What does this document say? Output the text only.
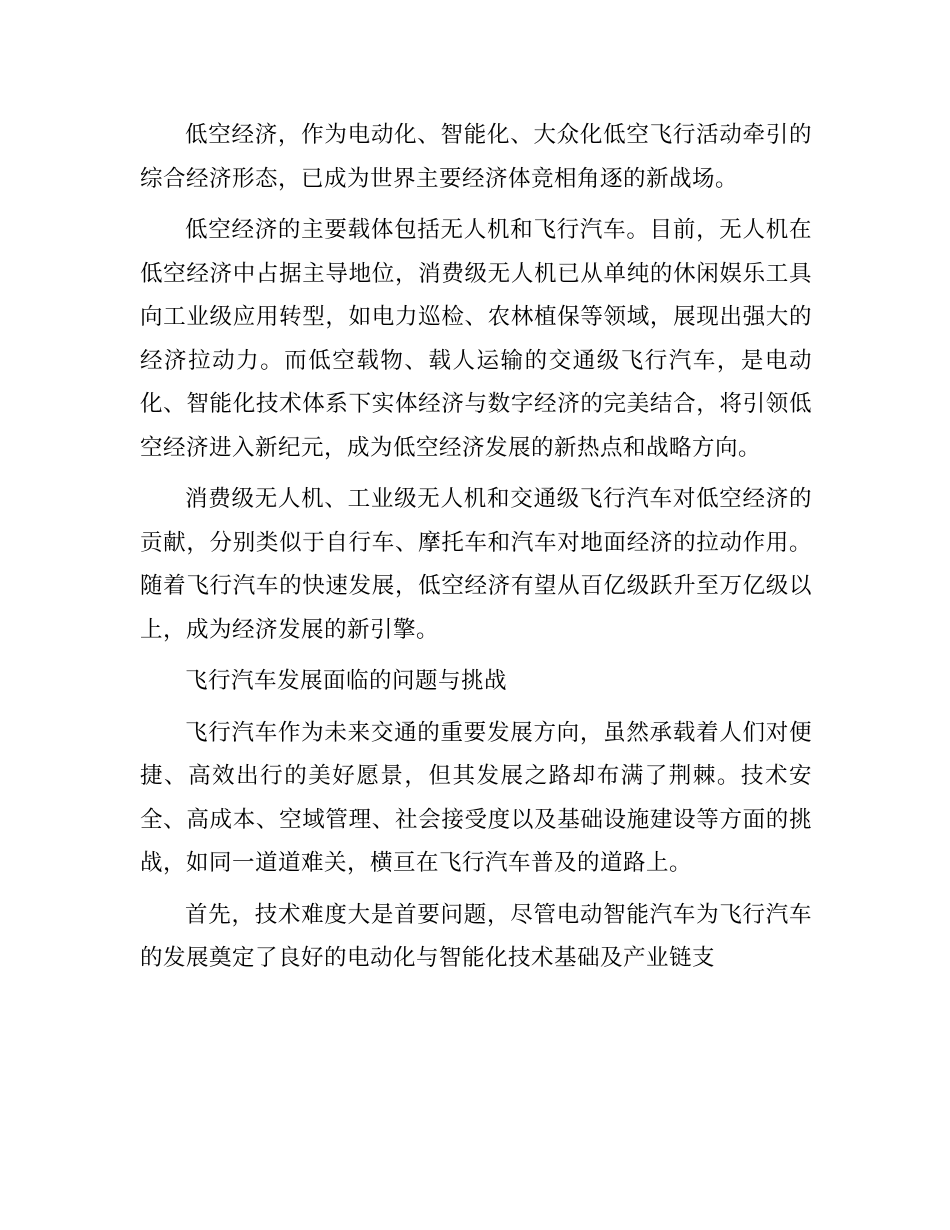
低空经济，作为电动化、智能化、大众化低空飞行活动牵引的综合经济形态，已成为世界主要经济体竞相角逐的新战场。

低空经济的主要载体包括无人机和飞行汽车。目前，无人机在低空经济中占据主导地位，消费级无人机已从单纯的休闲娱乐工具向工业级应用转型，如电力巡检、农林植保等领域，展现出强大的经济拉动力。而低空载物、载人运输的交通级飞行汽车，是电动化、智能化技术体系下实体经济与数字经济的完美结合，将引领低空经济进入新纪元，成为低空经济发展的新热点和战略方向。

消费级无人机、工业级无人机和交通级飞行汽车对低空经济的贡献，分别类似于自行车、摩托车和汽车对地面经济的拉动作用。随着飞行汽车的快速发展，低空经济有望从百亿级跃升至万亿级以上，成为经济发展的新引擎。

飞行汽车发展面临的问题与挑战

飞行汽车作为未来交通的重要发展方向，虽然承载着人们对便捷、高效出行的美好愿景，但其发展之路却布满了荆棘。技术安全、高成本、空域管理、社会接受度以及基础设施建设等方面的挑战，如同一道道难关，横亘在飞行汽车普及的道路上。

首先，技术难度大是首要问题，尽管电动智能汽车为飞行汽车的发展奠定了良好的电动化与智能化技术基础及产业链支
